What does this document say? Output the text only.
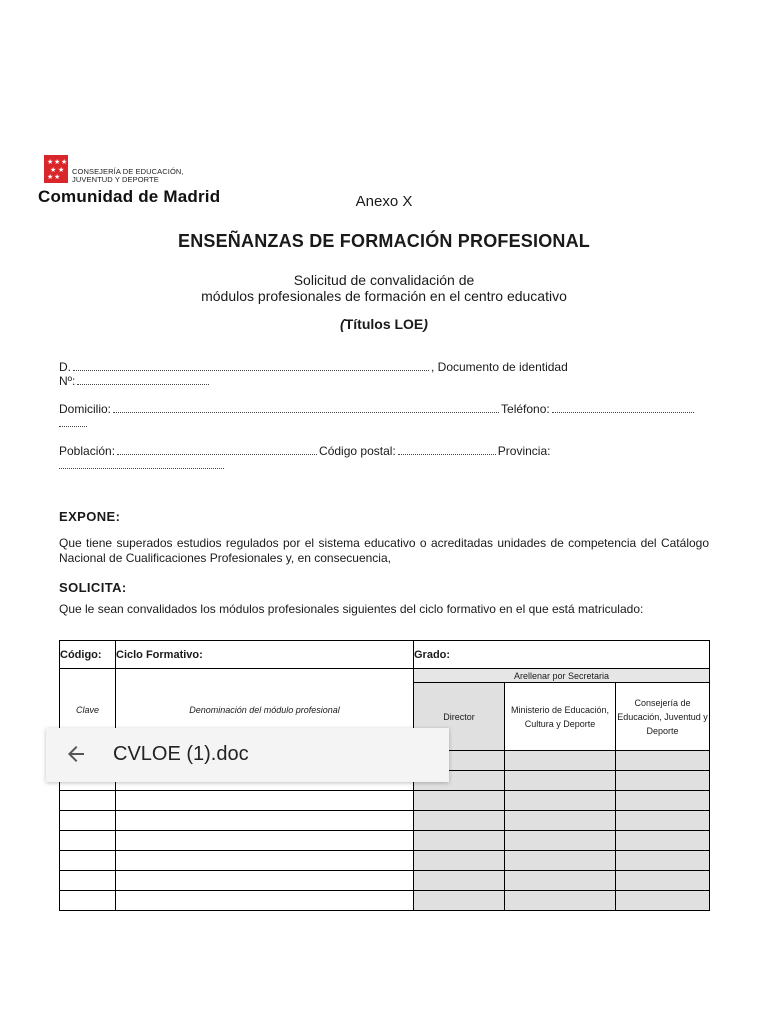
★ ★ ★
★ ★
★ ★
CONSEJERÍA DE EDUCACIÓN,
JUVENTUD Y DEPORTE
Comunidad de Madrid	Anexo X
ENSEÑANZAS DE FORMACIÓN PROFESIONAL
Solicitud de convalidación de
módulos profesionales de formación en el centro educativo
(Títulos LOE)
D.	, Documento de identidad
Nº:
Domicilio:	Teléfono:
Población:	Código postal:	Provincia:
EXPONE:
Que tiene superados estudios regulados por el sistema educativo o acreditadas unidades de competencia del Catálogo Nacional de Cualificaciones Profesionales y, en consecuencia,
SOLICITA:
Que le sean convalidados los módulos profesionales siguientes del ciclo formativo en el que está matriculado:
Código:	Ciclo Formativo:	Grado:		
Clave	Denominación del módulo profesional	Arellenar por Secretaria		
		Director	Ministerio de Educación, Cultura y Deporte	Consejería de Educación, Juventud y Deporte

CVLOE (1).doc
